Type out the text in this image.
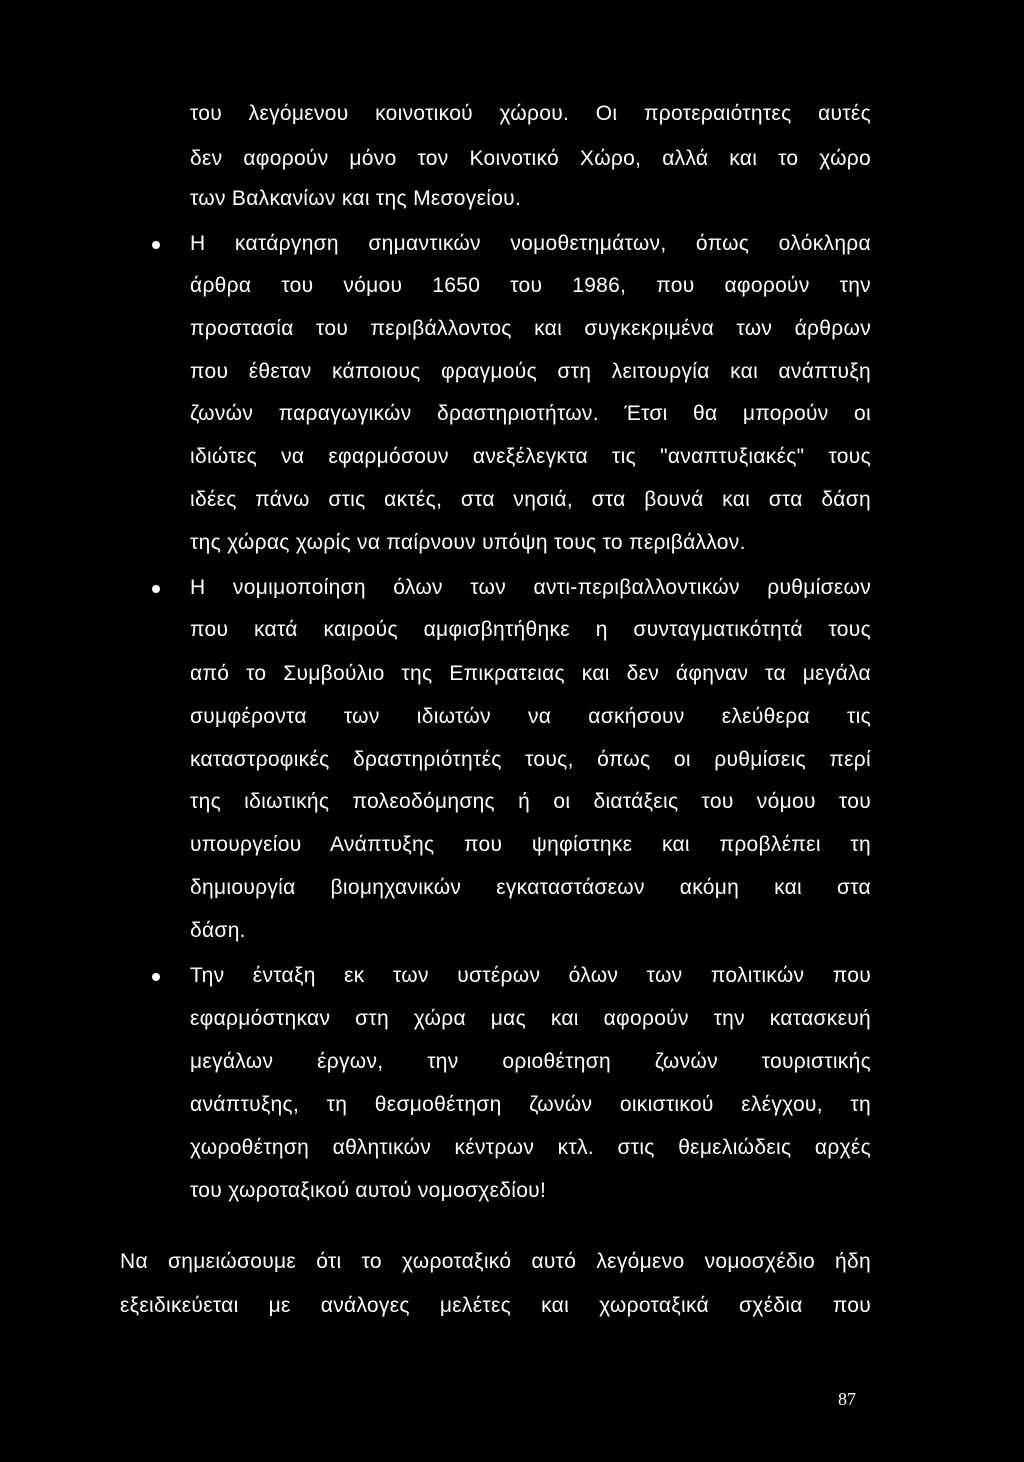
του λεγόμενου κοινοτικού χώρου. Οι προτεραιότητες αυτές

δεν αφορούν μόνο τον Κοινοτικό Χώρο, αλλά και το χώρο

των Βαλκανίων και της Μεσογείου.

Η κατάργηση σημαντικών νομοθετημάτων, όπως ολόκληρα

άρθρα του νόμου 1650 του 1986, που αφορούν την

προστασία του περιβάλλοντος και συγκεκριμένα των άρθρων

που έθεταν κάποιους φραγμούς στη λειτουργία και ανάπτυξη

ζωνών παραγωγικών δραστηριοτήτων. Έτσι θα μπορούν οι

ιδιώτες να εφαρμόσουν ανεξέλεγκτα τις "αναπτυξιακές" τους

ιδέες πάνω στις ακτές, στα νησιά, στα βουνά και στα δάση

της χώρας χωρίς να παίρνουν υπόψη τους το περιβάλλον.

Η νομιμοποίηση όλων των αντι-περιβαλλοντικών ρυθμίσεων

που κατά καιρούς αμφισβητήθηκε η συνταγματικότητά τους

από το Συμβούλιο της Επικρατειας και δεν άφηναν τα μεγάλα

συμφέροντα των ιδιωτών να ασκήσουν ελεύθερα τις

καταστροφικές δραστηριότητές τους, όπως οι ρυθμίσεις περί

της ιδιωτικής πολεοδόμησης ή οι διατάξεις του νόμου του

υπουργείου Ανάπτυξης που ψηφίστηκε και προβλέπει τη

δημιουργία βιομηχανικών εγκαταστάσεων ακόμη και στα

δάση.

Την ένταξη εκ των υστέρων όλων των πολιτικών που

εφαρμόστηκαν στη χώρα μας και αφορούν την κατασκευή

μεγάλων έργων, την οριοθέτηση ζωνών τουριστικής

ανάπτυξης, τη θεσμοθέτηση ζωνών οικιστικού ελέγχου, τη

χωροθέτηση αθλητικών κέντρων κτλ. στις θεμελιώδεις αρχές

του χωροταξικού αυτού νομοσχεδίου!

Να σημειώσουμε ότι το χωροταξικό αυτό λεγόμενο νομοσχέδιο ήδη

εξειδικεύεται με ανάλογες μελέτες και χωροταξικά σχέδια που

87
